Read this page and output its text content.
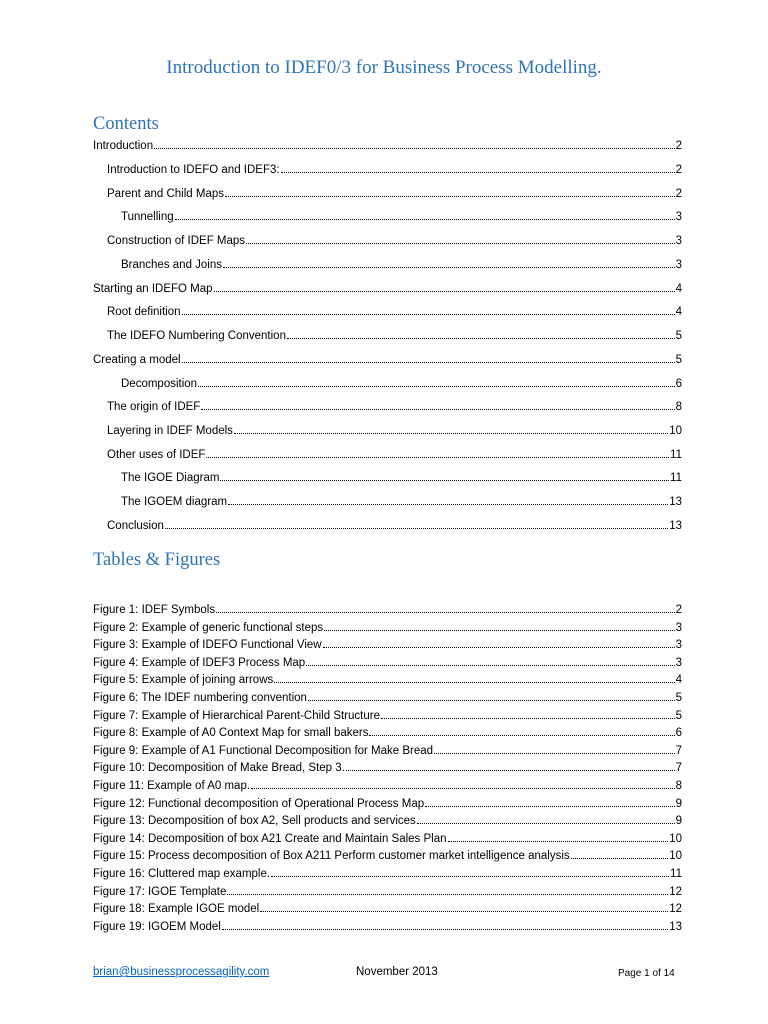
Introduction to IDEF0/3 for Business Process Modelling.
Contents
Introduction	2
Introduction to IDEFO and IDEF3:	2
Parent and Child Maps	2
Tunnelling	3
Construction of IDEF Maps	3
Branches and Joins	3
Starting an IDEFO Map	4
Root definition	4
The IDEFO Numbering Convention	5
Creating a model	5
Decomposition	6
The origin of IDEF	8
Layering in IDEF Models	10
Other uses of IDEF	11
The IGOE Diagram	11
The IGOEM diagram	13
Conclusion	13
Tables & Figures
Figure 1: IDEF Symbols	2
Figure 2: Example of generic functional steps	3
Figure 3: Example of IDEFO Functional View	3
Figure 4: Example of IDEF3 Process Map	3
Figure 5: Example of joining arrows	4
Figure 6: The IDEF numbering convention	5
Figure 7: Example of Hierarchical Parent-Child Structure	5
Figure 8: Example of A0 Context Map for small bakers	6
Figure 9: Example of A1 Functional Decomposition for Make Bread	7
Figure 10: Decomposition of Make Bread, Step 3.	7
Figure 11: Example of A0 map.	8
Figure 12: Functional decomposition of Operational Process Map	9
Figure 13: Decomposition of box A2, Sell products and services	9
Figure 14: Decomposition of box A21 Create and Maintain Sales Plan	10
Figure 15: Process decomposition of Box A211 Perform customer market intelligence analysis	10
Figure 16: Cluttered map example.	11
Figure 17: IGOE Template	12
Figure 18: Example IGOE model	12
Figure 19: IGOEM Model	13
brian@businessprocessagility.com	November 2013	Page 1 of 14
